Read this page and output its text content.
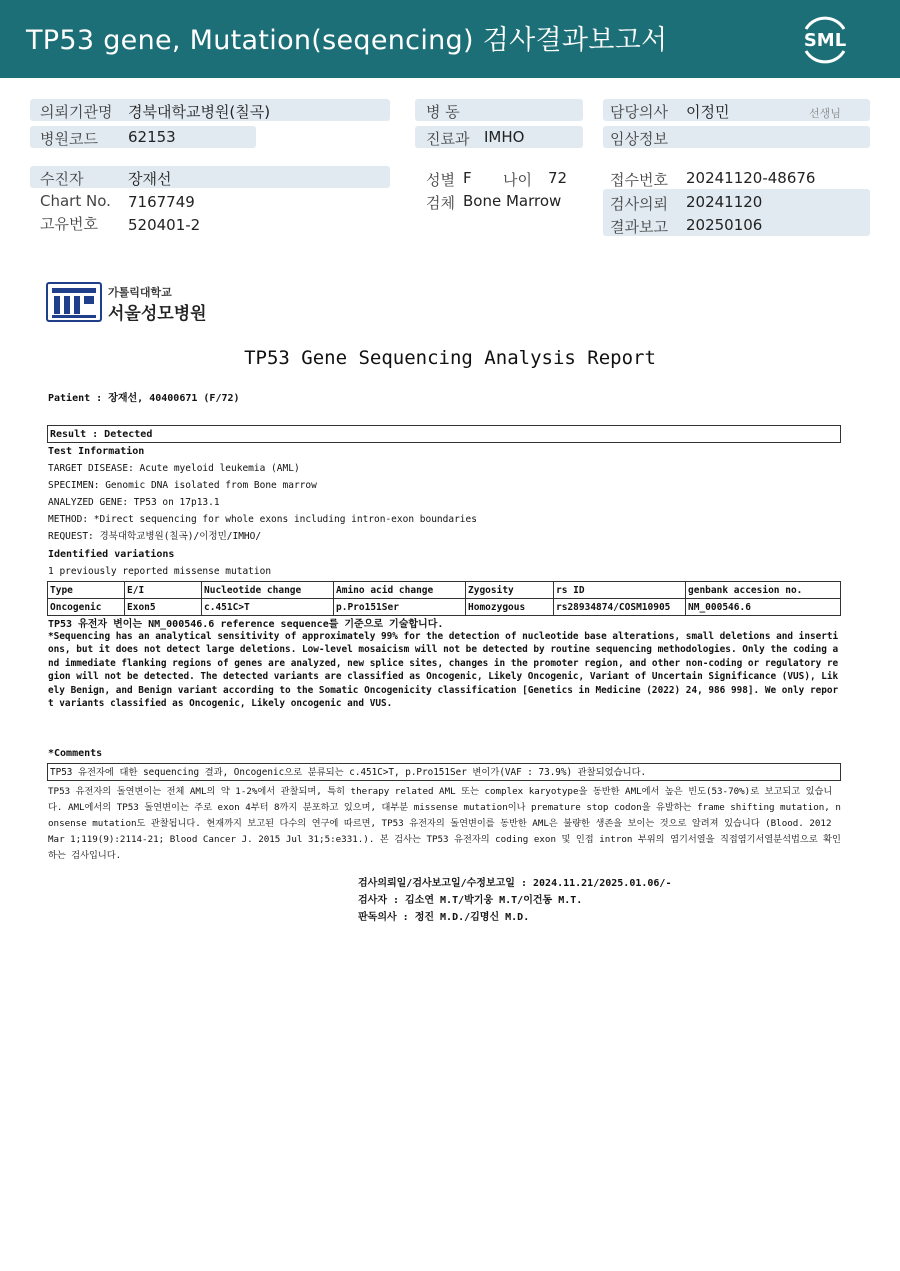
TP53 gene, Mutation(seqencing) 검사결과보고서	SML
의뢰기관명 경북대학교병원(칠곡)
병원코드 62153
병 동
진료과 IMHO
담당의사 이정민	선생님
임상정보
수진자	장재선
Chart No. 7167749
고유번호 520401-2
성별 F 나이 72
검체 Bone Marrow
접수번호 20241120-48676
검사의뢰 20241120
결과보고 20250106
가톨릭대학교
서울성모병원
TP53 Gene Sequencing Analysis Report
Patient : 장재선, 40400671 (F/72)
Result : Detected
Test Information
TARGET DISEASE: Acute myeloid leukemia (AML)
SPECIMEN: Genomic DNA isolated from Bone marrow
ANALYZED GENE: TP53 on 17p13.1
METHOD: *Direct sequencing for whole exons including intron-exon boundaries
REQUEST: 경북대학교병원(칠곡)/이정민/IMHO/
Identified variations
1 previously reported missense mutation
Type	E/I	Nucleotide change	Amino acid change	Zygosity	rs ID	genbank accesion no.
Oncogenic	Exon5	c.451C>T	p.Pro151Ser	Homozygous	rs28934874/COSM10905	NM_000546.6
TP53 유전자 변이는 NM_000546.6 reference sequence를 기준으로 기술합니다.
*Sequencing has an analytical sensitivity of approximately 99% for the detection of nucleotide base alterations, small deletions and insertions, but it does not detect large deletions. Low-level mosaicism will not be detected by routine sequencing methodologies. Only the coding and immediate flanking regions of genes are analyzed, new splice sites, changes in the promoter region, and other non-coding or regulatory region will not be detected. The detected variants are classified as Oncogenic, Likely Oncogenic, Variant of Uncertain Significance (VUS), Likely Benign, and Benign variant according to the Somatic Oncogenicity classification [Genetics in Medicine (2022) 24, 986 998]. We only report variants classified as Oncogenic, Likely oncogenic and VUS.
*Comments
TP53 유전자에 대한 sequencing 결과, Oncogenic으로 분류되는 c.451C>T, p.Pro151Ser 변이가(VAF : 73.9%) 관찰되었습니다.
TP53 유전자의 돌연변이는 전체 AML의 약 1-2%에서 관찰되며, 특히 therapy related AML 또는 complex karyotype을 동반한 AML에서 높은 빈도(53-70%)로 보고되고 있습니다. AML에서의 TP53 돌연변이는 주로 exon 4부터 8까지 분포하고 있으며, 대부분 missense mutation이나 premature stop codon을 유발하는 frame shifting mutation, nonsense mutation도 관찰됩니다. 현재까지 보고된 다수의 연구에 따르면, TP53 유전자의 돌연변이를 동반한 AML은 불량한 생존을 보이는 것으로 알려져 있습니다 (Blood. 2012 Mar 1;119(9):2114-21; Blood Cancer J. 2015 Jul 31;5:e331.). 본 검사는 TP53 유전자의 coding exon 및 인접 intron 부위의 염기서열을 직접염기서열분석법으로 확인하는 검사입니다.
검사의뢰일/검사보고일/수정보고일 : 2024.11.21/2025.01.06/-
검사자 : 김소연 M.T/박기웅 M.T/이건동 M.T.
판독의사 : 정진 M.D./김명신 M.D.
